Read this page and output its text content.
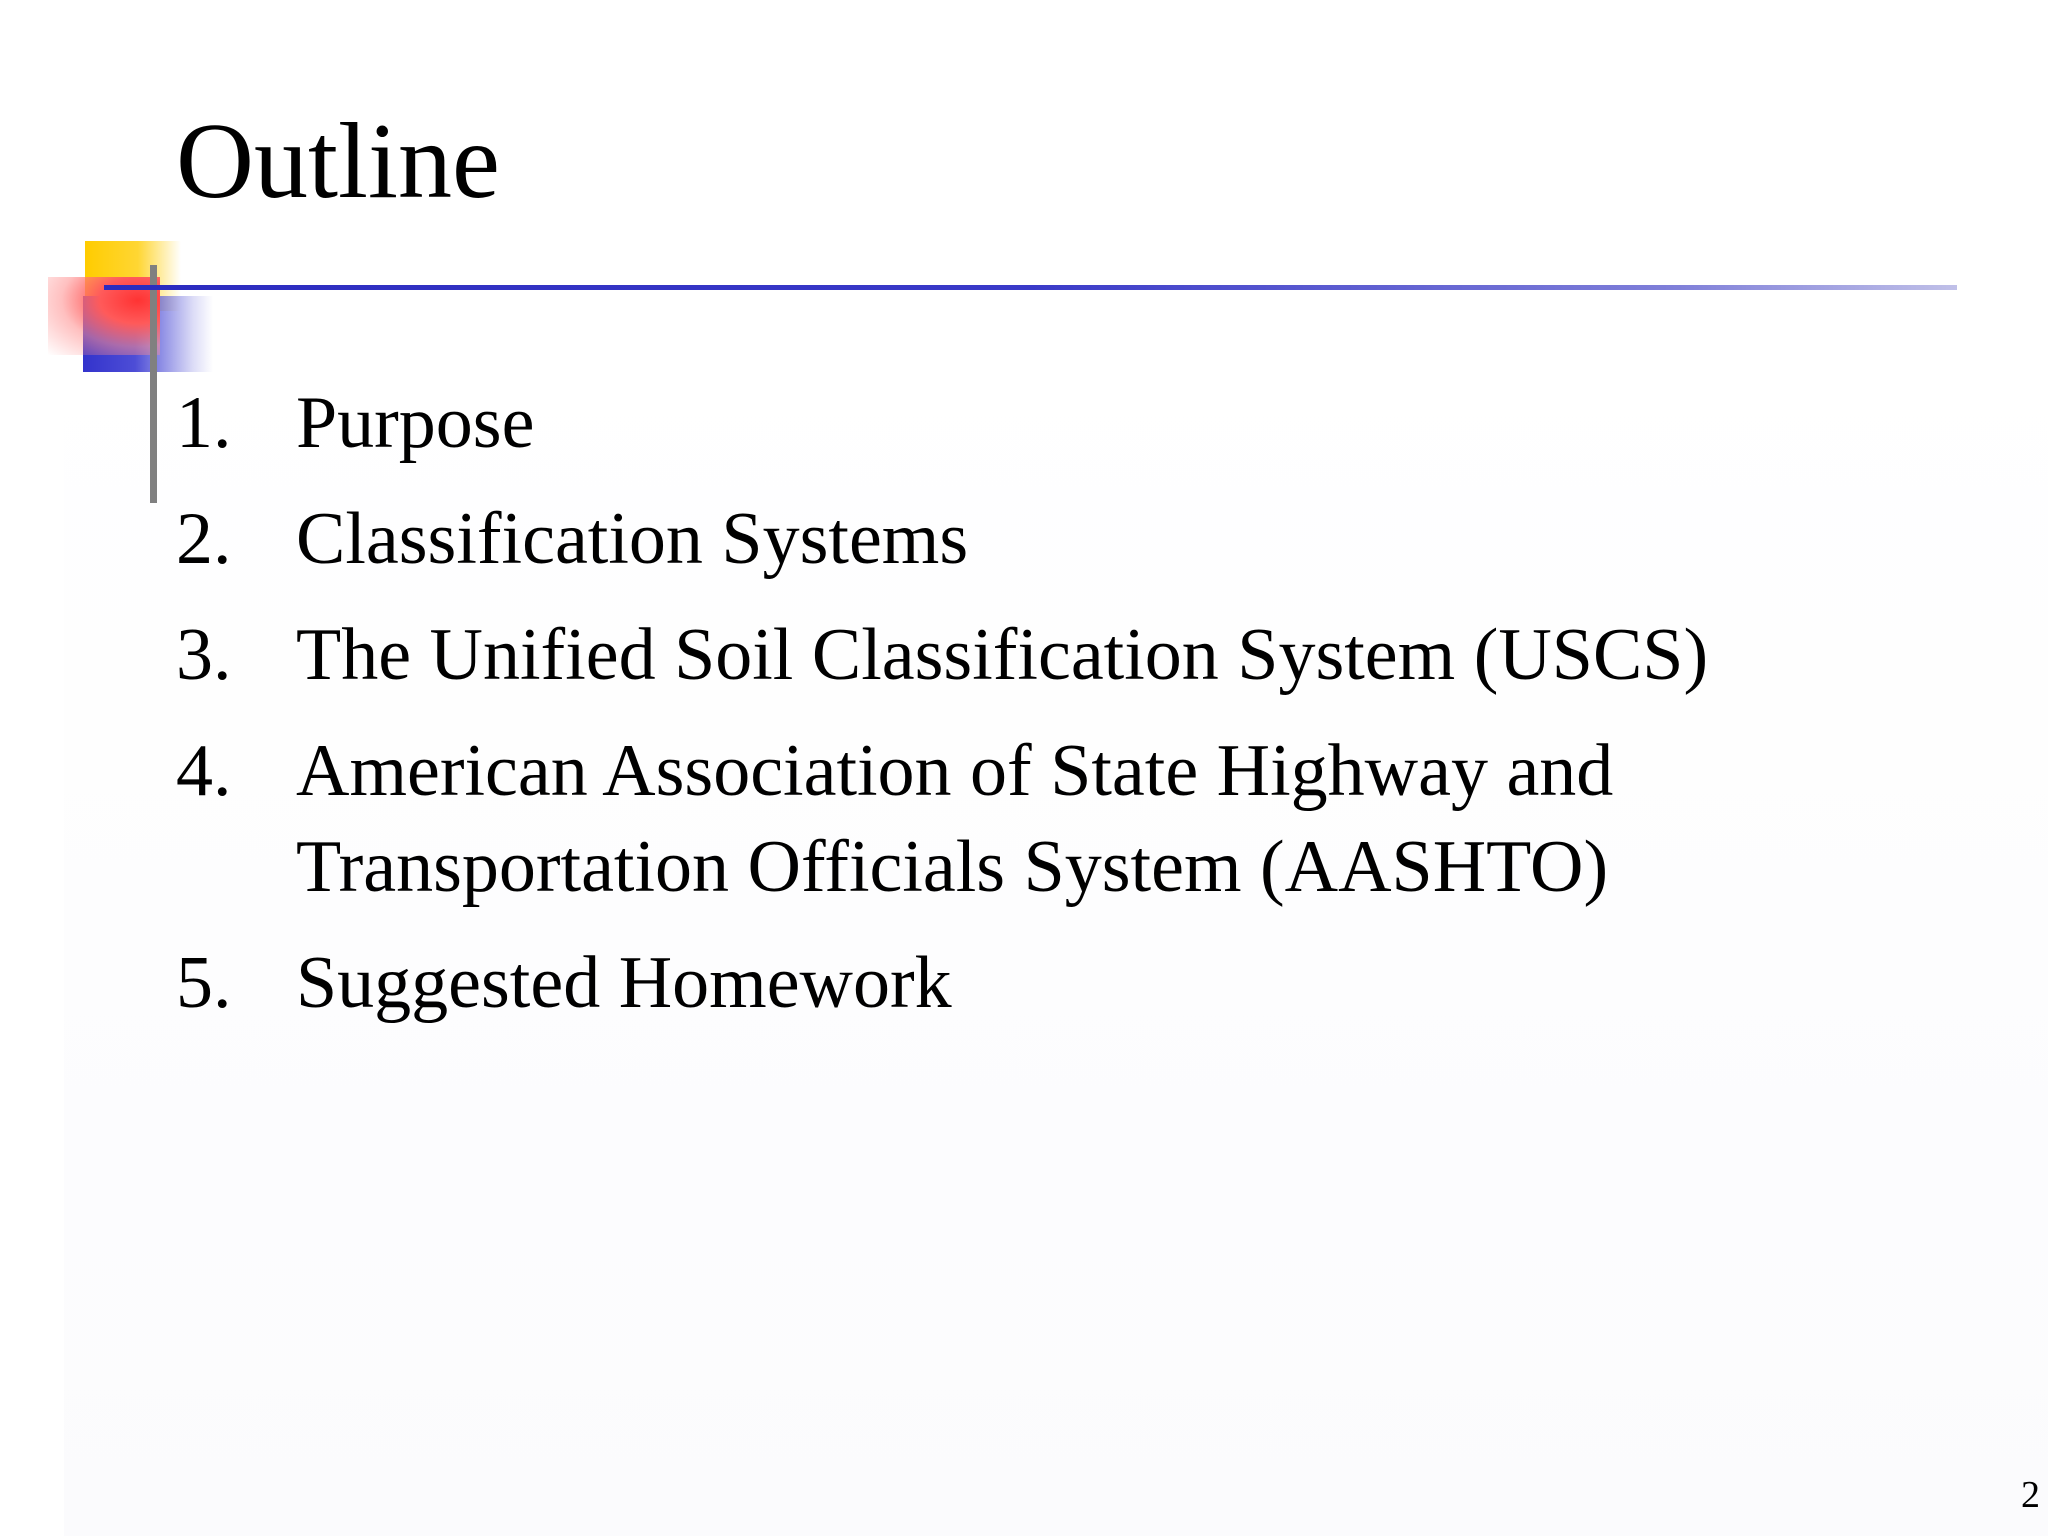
Outline
1. Purpose
2. Classification Systems
3. The Unified Soil Classification System (USCS)
4. American Association of State Highway and
Transportation Officials System (AASHTO)
5. Suggested Homework
2
